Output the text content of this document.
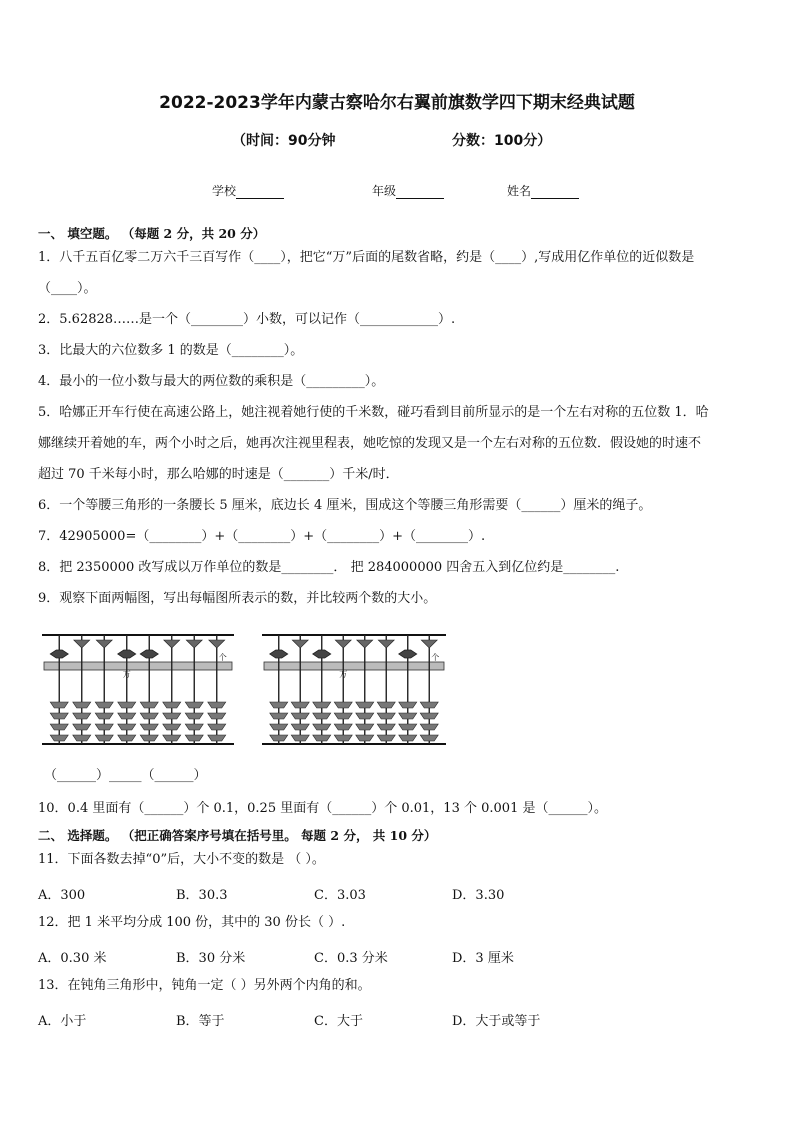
2022-2023学年内蒙古察哈尔右翼前旗数学四下期末经典试题
（时间：90分钟	分数：100分）
学校	年级	姓名
一、 填空题。 （每题 2 分，共 20 分）
1．八千五百亿零二万六千三百写作（____），把它“万”后面的尾数省略，约是（____）,写成用亿作单位的近似数是
（____）。
2．5.62828……是一个（________）小数，可以记作（____________）.
3．比最大的六位数多 1 的数是（________）。
4．最小的一位小数与最大的两位数的乘积是（_________）。
5．哈娜正开车行使在高速公路上，她注视着她行使的千米数，碰巧看到目前所显示的是一个左右对称的五位数 1．哈
娜继续开着她的车，两个小时之后，她再次注视里程表，她吃惊的发现又是一个左右对称的五位数．假设她的时速不
超过 70 千米每小时，那么哈娜的时速是（_______）千米/时．
6．一个等腰三角形的一条腰长 5 厘米，底边长 4 厘米，围成这个等腰三角形需要（______）厘米的绳子。
7．42905000=（________）+（________）+（________）+（________）.
8．把 2350000 改写成以万作单位的数是________． 把 284000000 四舍五入到亿位约是________.
9．观察下面两幅图，写出每幅图所表示的数，并比较两个数的大小。
万
个
万
个
（______）_____（______）
10．0.4 里面有（______）个 0.1，0.25 里面有（______）个 0.01，13 个 0.001 是（______）。
二、 选择题。 （把正确答案序号填在括号里。 每题 2 分， 共 10 分）
11．下面各数去掉“0”后，大小不变的数是 （ ）。
A．300	B．30.3	C．3.03	D．3.30
12．把 1 米平均分成 100 份，其中的 30 份长（ ）.
A．0.30 米	B．30 分米	C．0.3 分米	D．3 厘米
13．在钝角三角形中，钝角一定（ ）另外两个内角的和。
A．小于	B．等于	C．大于	D．大于或等于
